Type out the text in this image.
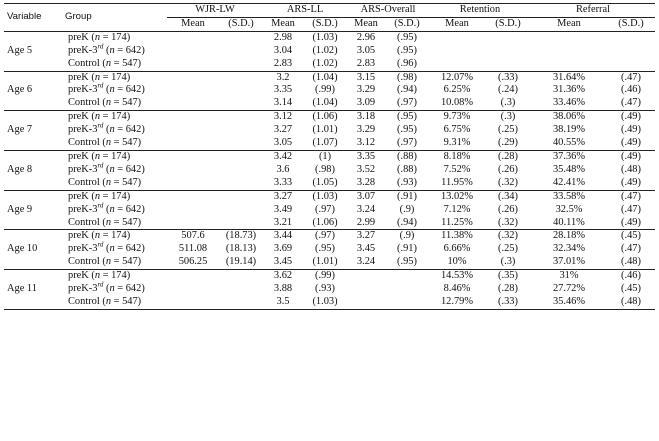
Variable	Group	WJR-LW		ARS-LL		ARS-Overall		Retention		Referral	
		Mean	(S.D.)	Mean	(S.D.)	Mean	(S.D.)	Mean	(S.D.)	Mean	(S.D.)
Age 5	preK (n = 174)			2.98	(1.03)	2.96	(.95)				
	preK-3rd (n = 642)			3.04	(1.02)	3.05	(.95)				
	Control (n = 547)			2.83	(1.02)	2.83	(.96)				
Age 6	preK (n = 174)			3.2	(1.04)	3.15	(.98)	12.07%	(.33)	31.64%	(.47)
	preK-3rd (n = 642)			3.35	(.99)	3.29	(.94)	6.25%	(.24)	31.36%	(.46)
	Control (n = 547)			3.14	(1.04)	3.09	(.97)	10.08%	(.3)	33.46%	(.47)
Age 7	preK (n = 174)			3.12	(1.06)	3.18	(.95)	9.73%	(.3)	38.06%	(.49)
	preK-3rd (n = 642)			3.27	(1.01)	3.29	(.95)	6.75%	(.25)	38.19%	(.49)
	Control (n = 547)			3.05	(1.07)	3.12	(.97)	9.31%	(.29)	40.55%	(.49)
Age 8	preK (n = 174)			3.42	(1)	3.35	(.88)	8.18%	(.28)	37.36%	(.49)
	preK-3rd (n = 642)			3.6	(.98)	3.52	(.88)	7.52%	(.26)	35.48%	(.48)
	Control (n = 547)			3.33	(1.05)	3.28	(.93)	11.95%	(.32)	42.41%	(.49)
Age 9	preK (n = 174)			3.27	(1.03)	3.07	(.91)	13.02%	(.34)	33.58%	(.47)
	preK-3rd (n = 642)			3.49	(.97)	3.24	(.9)	7.12%	(.26)	32.5%	(.47)
	Control (n = 547)			3.21	(1.06)	2.99	(.94)	11.25%	(.32)	40.11%	(.49)
Age 10	preK (n = 174)	507.6	(18.73)	3.44	(.97)	3.27	(.9)	11.38%	(.32)	28.18%	(.45)
	preK-3rd (n = 642)	511.08	(18.13)	3.69	(.95)	3.45	(.91)	6.66%	(.25)	32.34%	(.47)
	Control (n = 547)	506.25	(19.14)	3.45	(1.01)	3.24	(.95)	10%	(.3)	37.01%	(.48)
Age 11	preK (n = 174)			3.62	(.99)			14.53%	(.35)	31%	(.46)
	preK-3rd (n = 642)			3.88	(.93)			8.46%	(.28)	27.72%	(.45)
	Control (n = 547)			3.5	(1.03)			12.79%	(.33)	35.46%	(.48)
